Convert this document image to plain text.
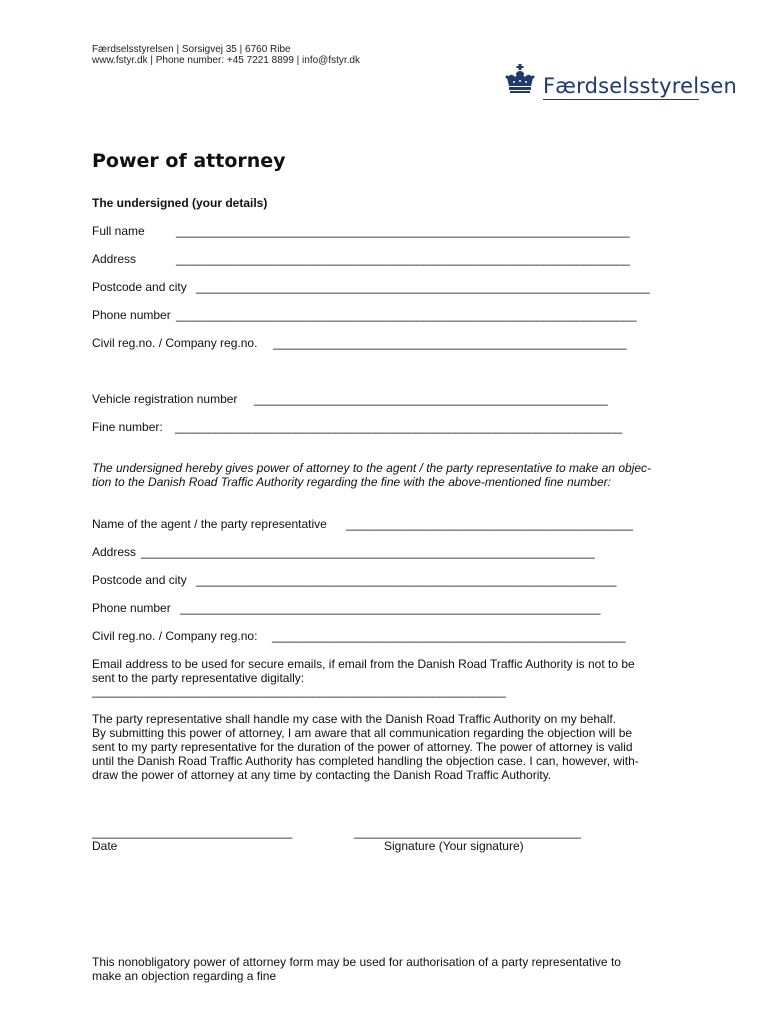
Færdselsstyrelsen | Sorsigvej 35 | 6760 Ribe
www.fstyr.dk | Phone number: +45 7221 8899 | info@fstyr.dk
Færdselsstyrelsen
Power of attorney
The undersigned (your details)
Full name	____________________________________________________________________
Address	____________________________________________________________________
Postcode and city ____________________________________________________________________
Phone number _____________________________________________________________________
Civil reg.no. / Company reg.no. _____________________________________________________
Vehicle registration number _____________________________________________________
Fine number: ___________________________________________________________________
The undersigned hereby gives power of attorney to the agent / the party representative to make an objec-
tion to the Danish Road Traffic Authority regarding the fine with the above-mentioned fine number:
Name of the agent / the party representative ___________________________________________
Address ____________________________________________________________________
Postcode and city _______________________________________________________________
Phone number _______________________________________________________________
Civil reg.no. / Company reg.no: _____________________________________________________
Email address to be used for secure emails, if email from the Danish Road Traffic Authority is not to be
sent to the party representative digitally:
______________________________________________________________
The party representative shall handle my case with the Danish Road Traffic Authority on my behalf.
By submitting this power of attorney, I am aware that all communication regarding the objection will be
sent to my party representative for the duration of the power of attorney. The power of attorney is valid
until the Danish Road Traffic Authority has completed handling the objection case. I can, however, with-
draw the power of attorney at any time by contacting the Danish Road Traffic Authority.
______________________________
Date
__________________________________
Signature (Your signature)
This nonobligatory power of attorney form may be used for authorisation of a party representative to
make an objection regarding a fine
